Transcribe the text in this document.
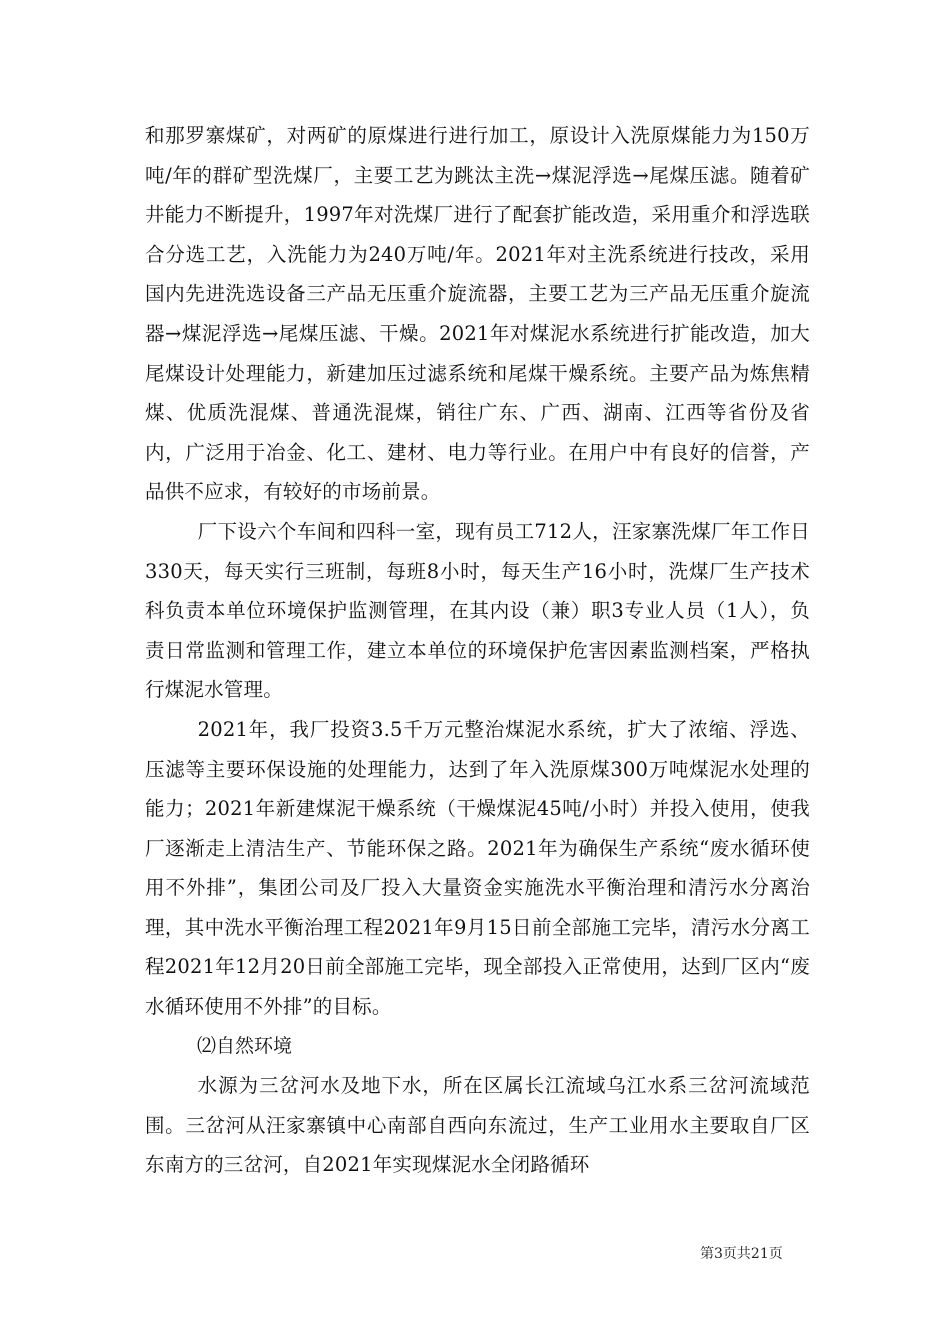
和那罗寨煤矿，对两矿的原煤进行进行加工，原设计入洗原煤能力为150万吨/年的群矿型洗煤厂，主要工艺为跳汰主洗→煤泥浮选→尾煤压滤。随着矿井能力不断提升，1997年对洗煤厂进行了配套扩能改造，采用重介和浮选联合分选工艺，入洗能力为240万吨/年。2021年对主洗系统进行技改，采用国内先进洗选设备三产品无压重介旋流器，主要工艺为三产品无压重介旋流器→煤泥浮选→尾煤压滤、干燥。2021年对煤泥水系统进行扩能改造，加大尾煤设计处理能力，新建加压过滤系统和尾煤干燥系统。主要产品为炼焦精煤、优质洗混煤、普通洗混煤，销往广东、广西、湖南、江西等省份及省内，广泛用于冶金、化工、建材、电力等行业。在用户中有良好的信誉，产品供不应求，有较好的市场前景。

厂下设六个车间和四科一室，现有员工712人，汪家寨洗煤厂年工作日330天，每天实行三班制，每班8小时，每天生产16小时，洗煤厂生产技术科负责本单位环境保护监测管理，在其内设（兼）职3专业人员（1人），负责日常监测和管理工作，建立本单位的环境保护危害因素监测档案，严格执行煤泥水管理。

2021年，我厂投资3.5千万元整治煤泥水系统，扩大了浓缩、浮选、压滤等主要环保设施的处理能力，达到了年入洗原煤300万吨煤泥水处理的能力；2021年新建煤泥干燥系统（干燥煤泥45吨/小时）并投入使用，使我厂逐渐走上清洁生产、节能环保之路。2021年为确保生产系统“废水循环使用不外排”，集团公司及厂投入大量资金实施洗水平衡治理和清污水分离治理，其中洗水平衡治理工程2021年9月15日前全部施工完毕，清污水分离工程2021年12月20日前全部施工完毕，现全部投入正常使用，达到厂区内“废水循环使用不外排”的目标。

⑵自然环境

水源为三岔河水及地下水，所在区属长江流域乌江水系三岔河流域范围。三岔河从汪家寨镇中心南部自西向东流过，生产工业用水主要取自厂区东南方的三岔河，自2021年实现煤泥水全闭路循环

第3页共21页
